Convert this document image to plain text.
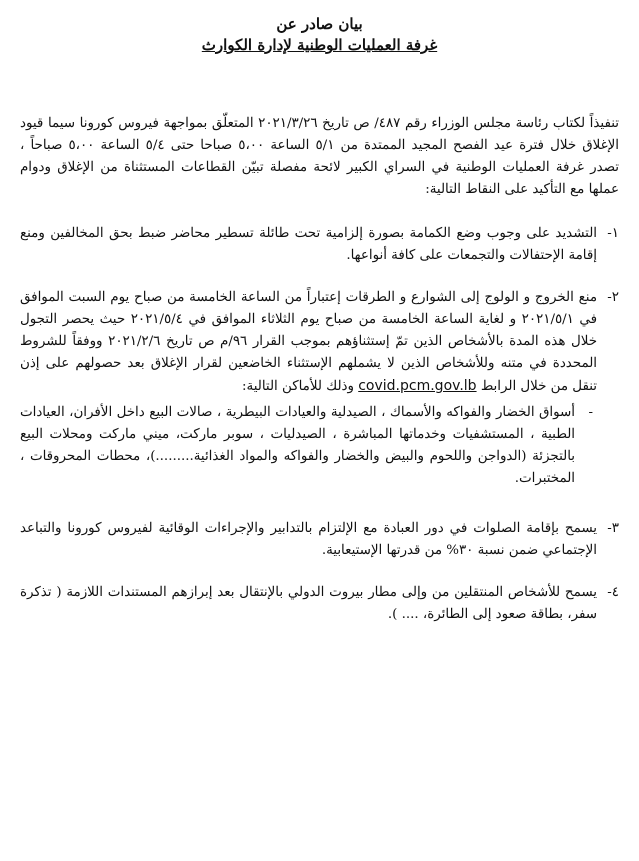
بيان صادر عن
غرفة العمليات الوطنية لإدارة الكوارث

تنفيذاً لكتاب رئاسة مجلس الوزراء رقم ٤٨٧/ ص تاريخ ٢٠٢١/٣/٢٦ المتعلّق بمواجهة فيروس كورونا سيما قيود الإغلاق خلال فترة عيد الفصح المجيد الممتدة من ٥/١ الساعة ٥،٠٠ صباحا حتى ٥/٤ الساعة ٥،٠٠ صباحاً ، تصدر غرفة العمليات الوطنية في السراي الكبير لائحة مفصلة تبيّن القطاعات المستثناة من الإغلاق ودوام عملها مع التأكيد على النقاط التالية:

١-
التشديد على وجوب وضع الكمامة بصورة إلزامية تحت طائلة تسطير محاضر ضبط بحق المخالفين ومنع إقامة الإحتفالات والتجمعات على كافة أنواعها.
٢-
منع الخروج و الولوج إلى الشوارع و الطرقات إعتباراً من الساعة الخامسة من صباح يوم السبت الموافق في ٢٠٢١/٥/١ و لغاية الساعة الخامسة من صباح يوم الثلاثاء الموافق في ٢٠٢١/٥/٤ حيث يحصر التجول خلال هذه المدة بالأشخاص الذين تمّ إستثناؤهم بموجب القرار ٩٦/م ص تاريخ ٢٠٢١/٢/٦ ووفقاً للشروط المحددة في متنه وللأشخاص الذين لا يشملهم الإستثناء الخاضعين لقرار الإغلاق بعد حصولهم على إذن تنقل من خلال الرابط covid.pcm.gov.lb وذلك للأماكن التالية:
-
أسواق الخضار والفواكه والأسماك ، الصيدلية والعيادات البيطرية ، صالات البيع داخل الأفران، العيادات الطبية ، المستشفيات وخدماتها المباشرة ، الصيدليات ، سوبر ماركت، ميني ماركت ومحلات البيع بالتجزئة (الدواجن واللحوم والبيض والخضار والفواكه والمواد الغذائية.........)، محطات المحروقات ، المختبرات.
٣-
يسمح بإقامة الصلوات في دور العبادة مع الإلتزام بالتدابير والإجراءات الوقائية لفيروس كورونا والتباعد الإجتماعي ضمن نسبة ٣٠% من قدرتها الإستيعابية.
٤-
يسمح للأشخاص المنتقلين من وإلى مطار بيروت الدولي بالإنتقال بعد إبرازهم المستندات اللازمة ( تذكرة سفر، بطاقة صعود إلى الطائرة، .... ).
